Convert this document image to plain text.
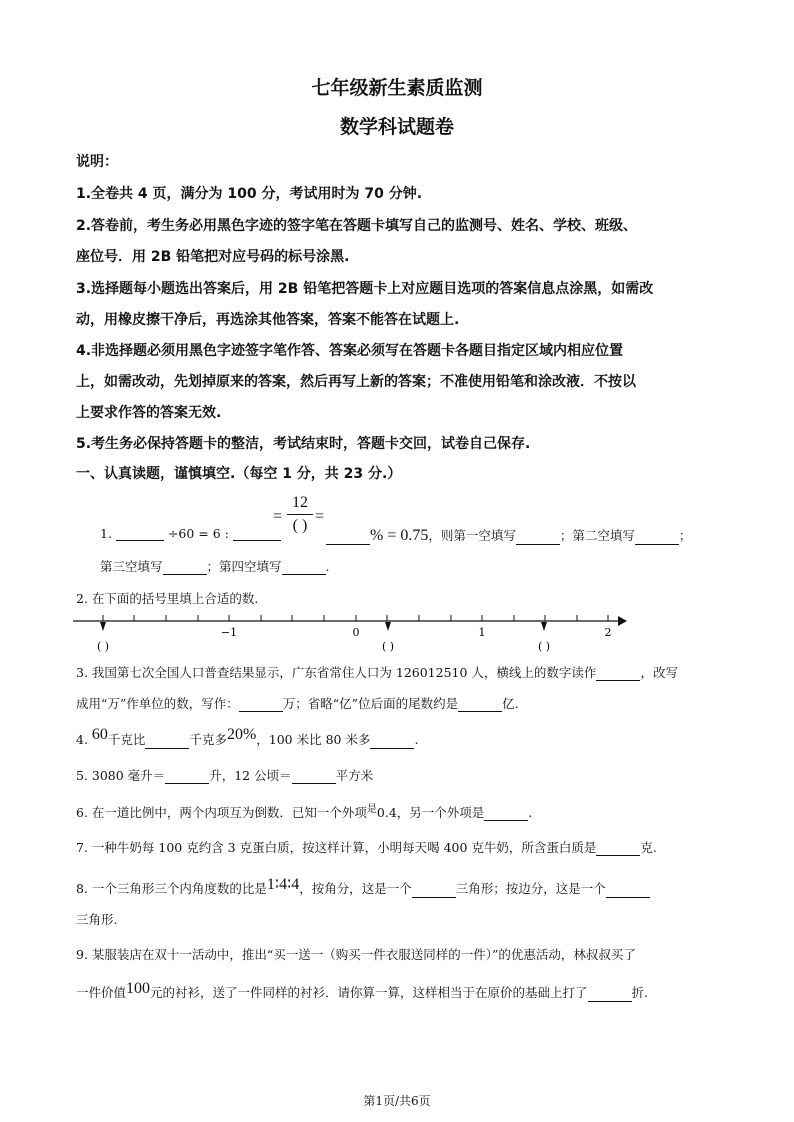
七年级新生素质监测
数学科试题卷
说明：
1.全卷共 4 页，满分为 100 分，考试用时为 70 分钟.
2.答卷前，考生务必用黑色字迹的签字笔在答题卡填写自己的监测号、姓名、学校、班级、
座位号．用 2B 铅笔把对应号码的标号涂黑.
3.选择题每小题选出答案后，用 2B 铅笔把答题卡上对应题目选项的答案信息点涂黑，如需改
动，用橡皮擦干净后，再选涂其他答案，答案不能答在试题上.
4.非选择题必须用黑色字迹签字笔作答、答案必须写在答题卡各题目指定区域内相应位置
上，如需改动，先划掉原来的答案，然后再写上新的答案；不准使用铅笔和涂改液．不按以
上要求作答的答案无效.
5.考生务必保持答题卡的整洁，考试结束时，答题卡交回，试卷自己保存.
一、认真读题，谨慎填空.（每空 1 分，共 23 分.）
1.	÷60 = 6 :
=
12
( )
=
% = 0.75，则第一空填写	；第二空填写	；
第三空填写	；第四空填写	.
2. 在下面的括号里填上合适的数.
−1	0	1	2
( )	( )	( )
3. 我国第七次全国人口普查结果显示，广东省常住人口为 126012510 人，横线上的数字读作	，改写
成用“万”作单位的数，写作：	万；省略“亿”位后面的尾数约是	亿.
4. 60千克比	千克多20%，100 米比 80 米多	.
5. 3080 毫升＝	升，12 公顷＝	平方米
6. 在一道比例中，两个内项互为倒数．已知一个外项$^是$0.4，另一个外项是	.
7. 一种牛奶每 100 克约含 3 克蛋白质，按这样计算，小明每天喝 400 克牛奶，所含蛋白质是	克.
8. 一个三角形三个内角度数的比是1∶4∶4，按角分，这是一个	三角形；按边分，这是一个
三角形.
9. 某服装店在双十一活动中，推出“买一送一（购买一件衣服送同样的一件）”的优惠活动，林叔叔买了
一件价值100元的衬衫，送了一件同样的衬衫．请你算一算，这样相当于在原价的基础上打了	折.
第1页/共6页
